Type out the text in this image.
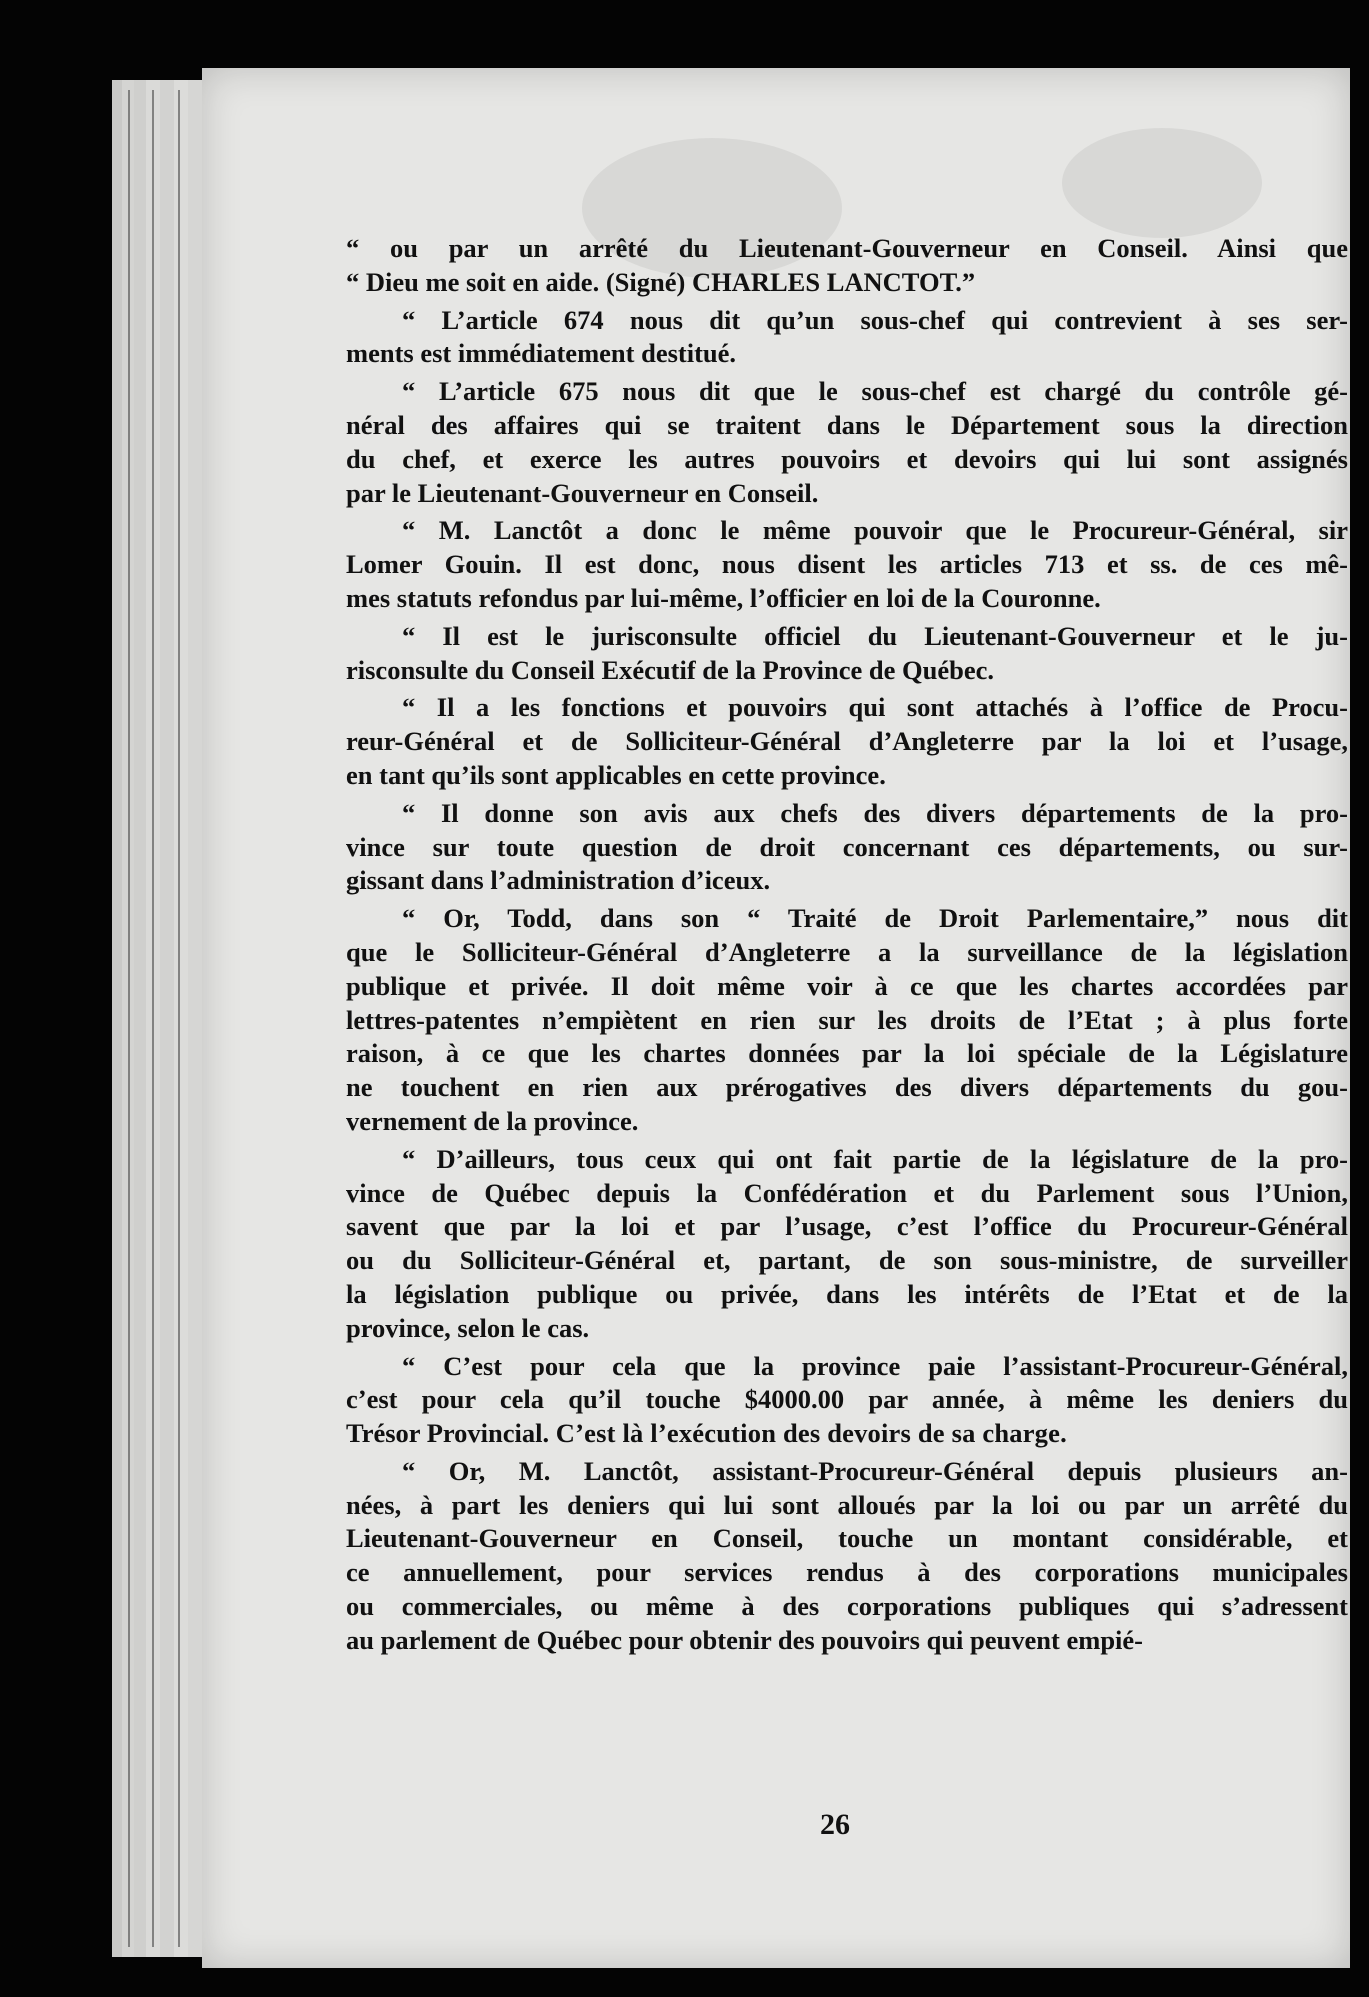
“ ou par un arrêté du Lieutenant-Gouverneur en Conseil. Ainsi que
“ Dieu me soit en aide. (Signé) CHARLES LANCTOT.”
“ L’article 674 nous dit qu’un sous-chef qui contrevient à ses ser-
ments est immédiatement destitué.
“ L’article 675 nous dit que le sous-chef est chargé du contrôle gé-
néral des affaires qui se traitent dans le Département sous la direction
du chef, et exerce les autres pouvoirs et devoirs qui lui sont assignés
par le Lieutenant-Gouverneur en Conseil.
“ M. Lanctôt a donc le même pouvoir que le Procureur-Général, sir
Lomer Gouin. Il est donc, nous disent les articles 713 et ss. de ces mê-
mes statuts refondus par lui-même, l’officier en loi de la Couronne.
“ Il est le jurisconsulte officiel du Lieutenant-Gouverneur et le ju-
risconsulte du Conseil Exécutif de la Province de Québec.
“ Il a les fonctions et pouvoirs qui sont attachés à l’office de Procu-
reur-Général et de Solliciteur-Général d’Angleterre par la loi et l’usage,
en tant qu’ils sont applicables en cette province.
“ Il donne son avis aux chefs des divers départements de la pro-
vince sur toute question de droit concernant ces départements, ou sur-
gissant dans l’administration d’iceux.
“ Or, Todd, dans son “ Traité de Droit Parlementaire,” nous dit
que le Solliciteur-Général d’Angleterre a la surveillance de la législation
publique et privée. Il doit même voir à ce que les chartes accordées par
lettres-patentes n’empiètent en rien sur les droits de l’Etat ; à plus forte
raison, à ce que les chartes données par la loi spéciale de la Législature
ne touchent en rien aux prérogatives des divers départements du gou-
vernement de la province.
“ D’ailleurs, tous ceux qui ont fait partie de la législature de la pro-
vince de Québec depuis la Confédération et du Parlement sous l’Union,
savent que par la loi et par l’usage, c’est l’office du Procureur-Général
ou du Solliciteur-Général et, partant, de son sous-ministre, de surveiller
la législation publique ou privée, dans les intérêts de l’Etat et de la
province, selon le cas.
“ C’est pour cela que la province paie l’assistant-Procureur-Général,
c’est pour cela qu’il touche $4000.00 par année, à même les deniers du
Trésor Provincial. C’est là l’exécution des devoirs de sa charge.
“ Or, M. Lanctôt, assistant-Procureur-Général depuis plusieurs an-
nées, à part les deniers qui lui sont alloués par la loi ou par un arrêté du
Lieutenant-Gouverneur en Conseil, touche un montant considérable, et
ce annuellement, pour services rendus à des corporations municipales
ou commerciales, ou même à des corporations publiques qui s’adressent
au parlement de Québec pour obtenir des pouvoirs qui peuvent empié-
26
